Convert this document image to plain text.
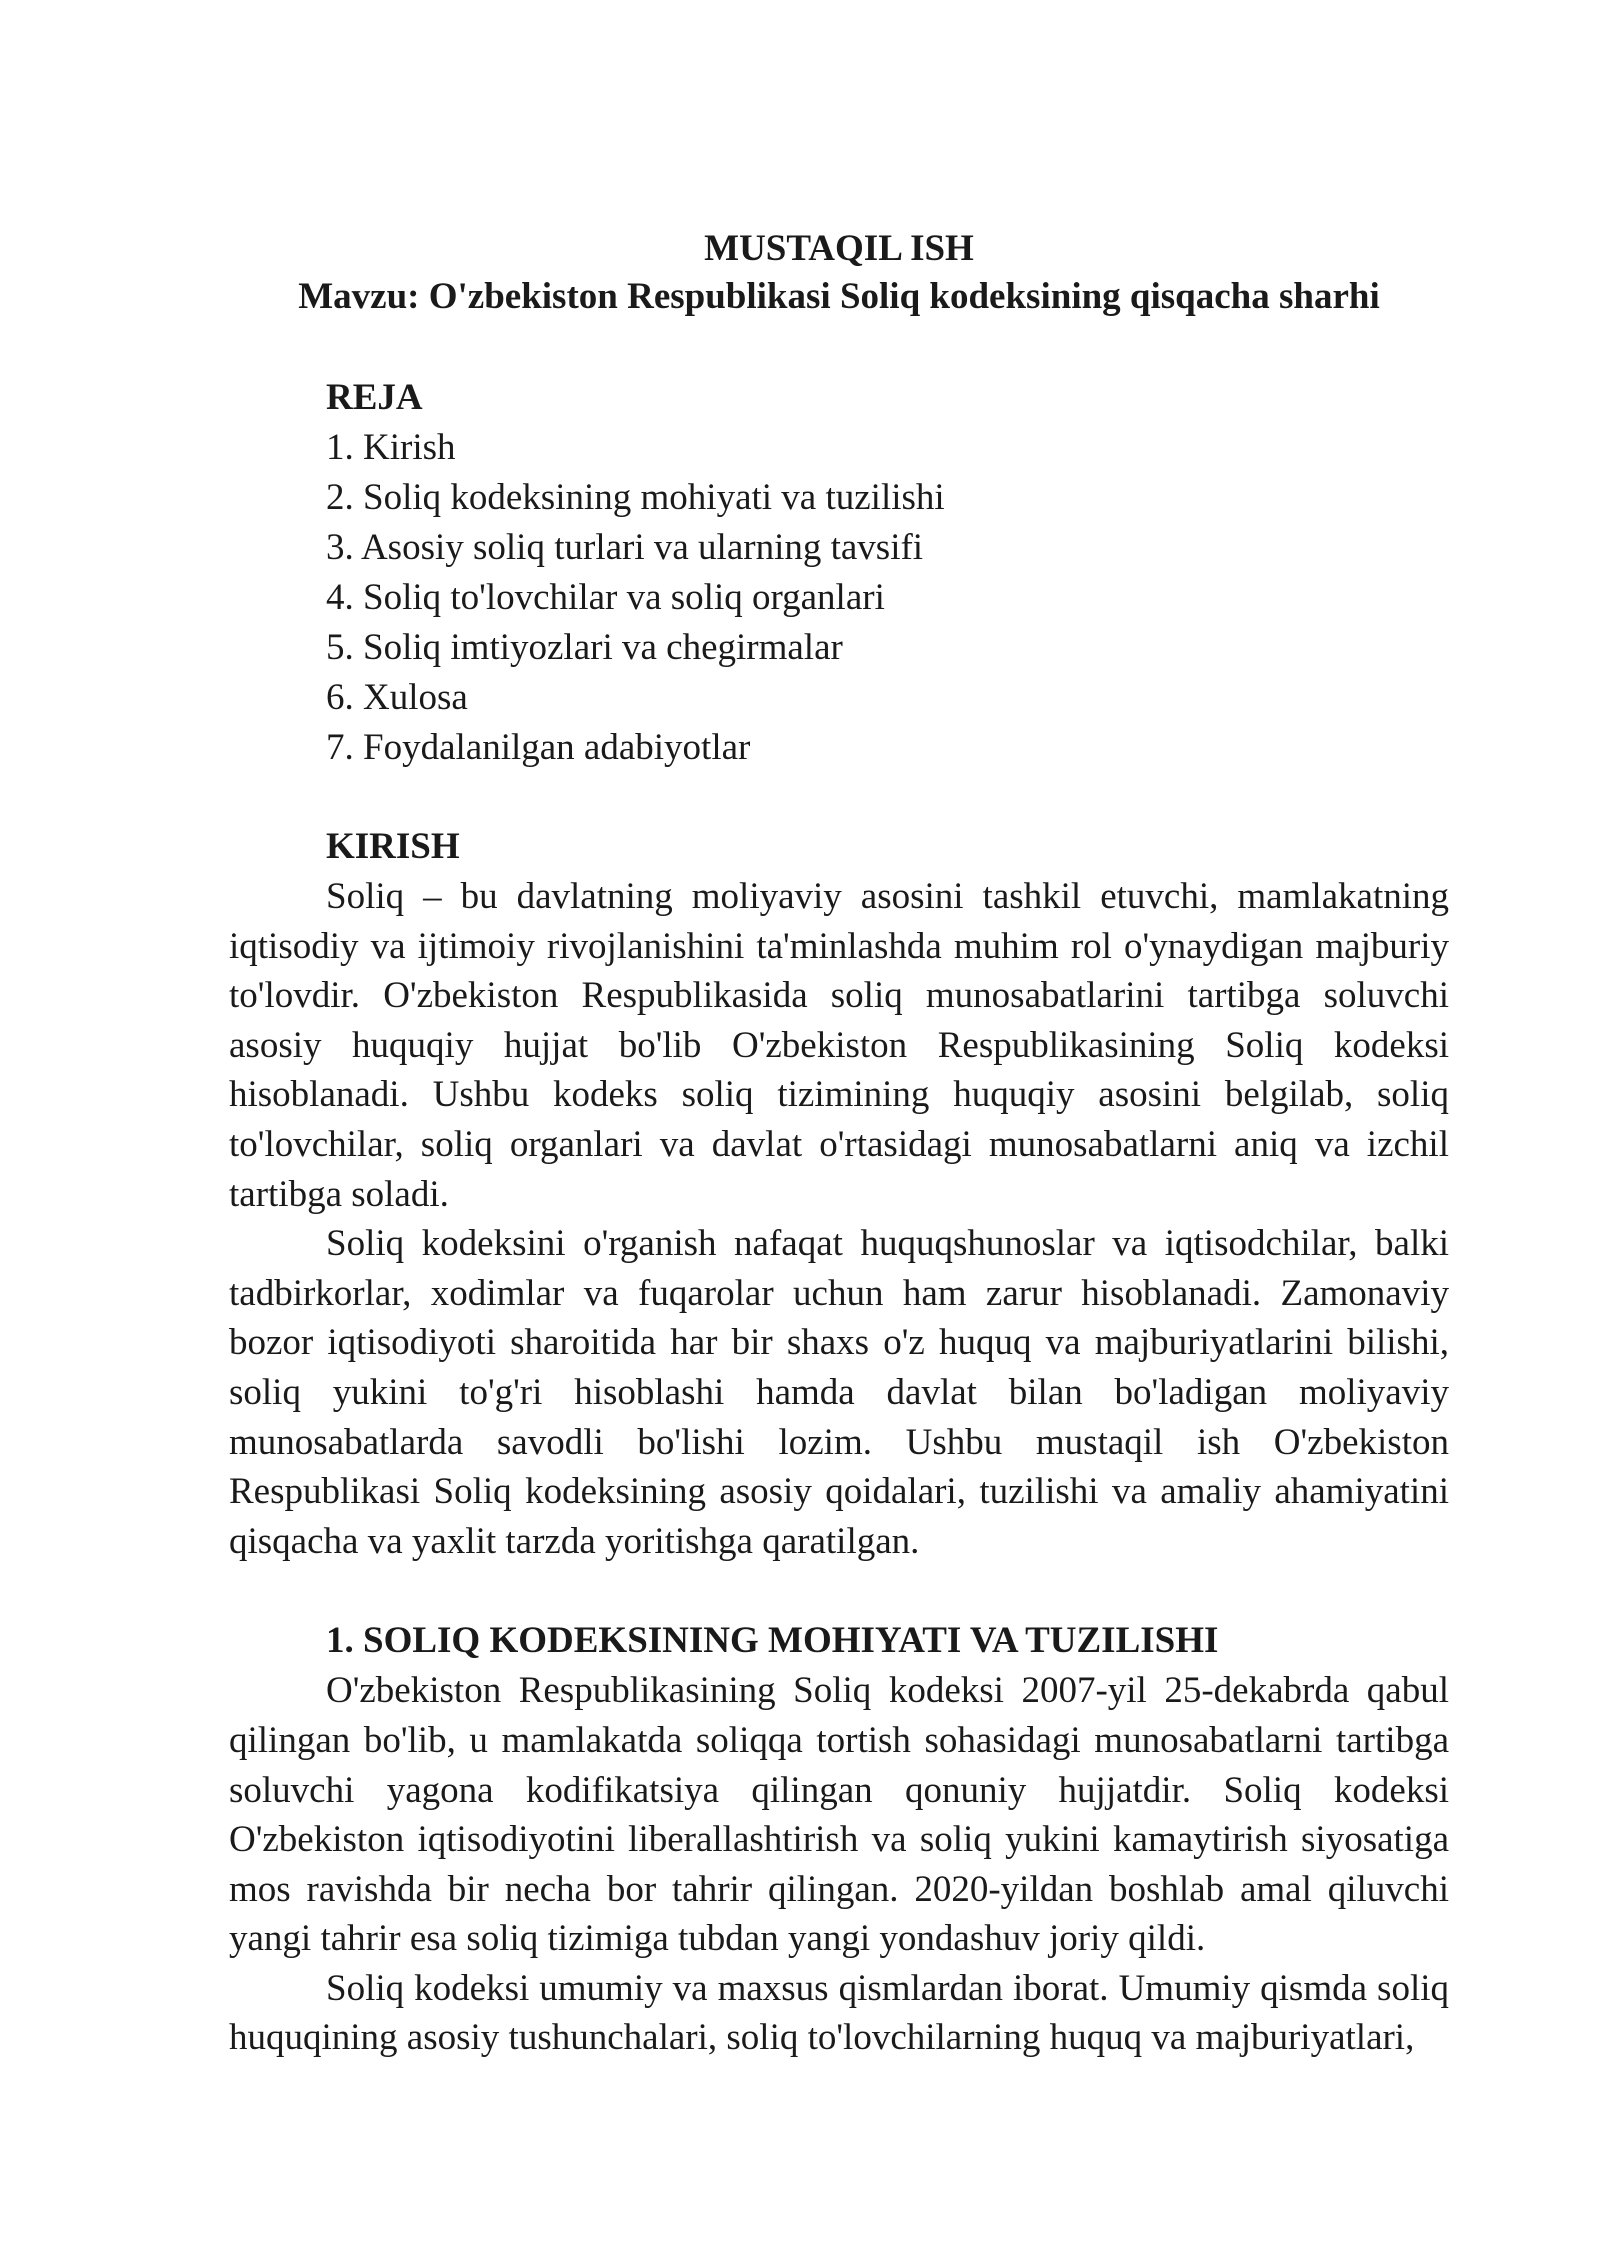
MUSTAQIL ISH
Mavzu: O'zbekiston Respublikasi Soliq kodeksining qisqacha sharhi
REJA
1. Kirish
2. Soliq kodeksining mohiyati va tuzilishi
3. Asosiy soliq turlari va ularning tavsifi
4. Soliq to'lovchilar va soliq organlari
5. Soliq imtiyozlari va chegirmalar
6. Xulosa
7. Foydalanilgan adabiyotlar
KIRISH

Soliq – bu davlatning moliyaviy asosini tashkil etuvchi, mamlakatning iqtisodiy va ijtimoiy rivojlanishini ta'minlashda muhim rol o'ynaydigan majburiy to'lovdir. O'zbekiston Respublikasida soliq munosabatlarini tartibga soluvchi asosiy huquqiy hujjat bo'lib O'zbekiston Respublikasining Soliq kodeksi hisoblanadi. Ushbu kodeks soliq tizimining huquqiy asosini belgilab, soliq to'lovchilar, soliq organlari va davlat o'rtasidagi munosabatlarni aniq va izchil tartibga soladi.

Soliq kodeksini o'rganish nafaqat huquqshunoslar va iqtisodchilar, balki tadbirkorlar, xodimlar va fuqarolar uchun ham zarur hisoblanadi. Zamonaviy bozor iqtisodiyoti sharoitida har bir shaxs o'z huquq va majburiyatlarini bilishi, soliq yukini to'g'ri hisoblashi hamda davlat bilan bo'ladigan moliyaviy munosabatlarda savodli bo'lishi lozim. Ushbu mustaqil ish O'zbekiston Respublikasi Soliq kodeksining asosiy qoidalari, tuzilishi va amaliy ahamiyatini qisqacha va yaxlit tarzda yoritishga qaratilgan.

1. SOLIQ KODEKSINING MOHIYATI VA TUZILISHI

O'zbekiston Respublikasining Soliq kodeksi 2007-yil 25-dekabrda qabul qilingan bo'lib, u mamlakatda soliqqa tortish sohasidagi munosabatlarni tartibga soluvchi yagona kodifikatsiya qilingan qonuniy hujjatdir. Soliq kodeksi O'zbekiston iqtisodiyotini liberallashtirish va soliq yukini kamaytirish siyosatiga mos ravishda bir necha bor tahrir qilingan. 2020-yildan boshlab amal qiluvchi yangi tahrir esa soliq tizimiga tubdan yangi yondashuv joriy qildi.

Soliq kodeksi umumiy va maxsus qismlardan iborat. Umumiy qismda soliq huquqining asosiy tushunchalari, soliq to'lovchilarning huquq va majburiyatlari,
